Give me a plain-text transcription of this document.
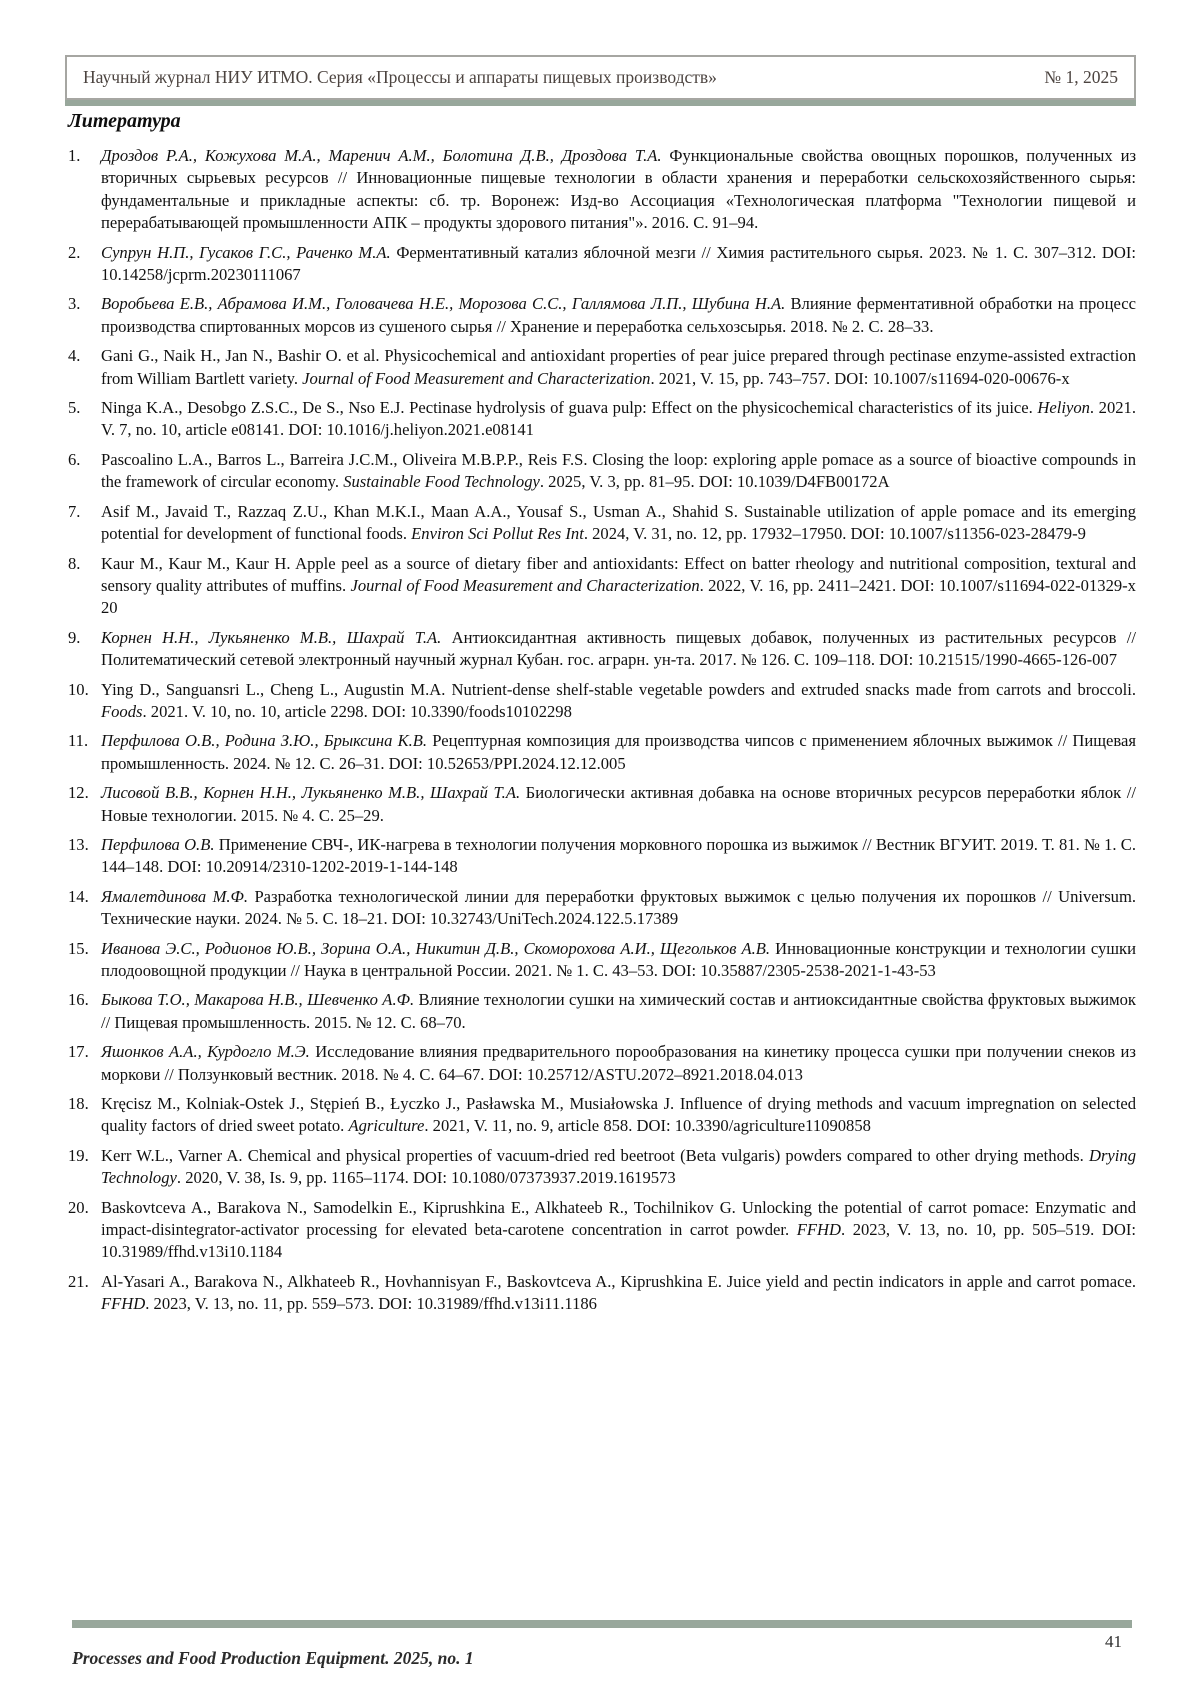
Научный журнал НИУ ИТМО. Серия «Процессы и аппараты пищевых производств»	№ 1, 2025
Литература
1.	Дроздов Р.А., Кожухова М.А., Маренич А.М., Болотина Д.В., Дроздова Т.А. Функциональные свойства овощных порошков, полученных из вторичных сырьевых ресурсов // Инновационные пищевые технологии в области хранения и переработки сельскохозяйственного сырья: фундаментальные и прикладные аспекты: сб. тр. Воронеж: Изд-во Ассоциация «Технологическая платформа "Технологии пищевой и перерабатывающей промышленности АПК – продукты здорового питания"». 2016. С. 91–94.
2.	Супрун Н.П., Гусаков Г.С., Раченко М.А. Ферментативный катализ яблочной мезги // Химия растительного сырья. 2023. № 1. С. 307–312. DOI: 10.14258/jcprm.20230111067
3.	Воробьева Е.В., Абрамова И.М., Головачева Н.Е., Морозова С.С., Галлямова Л.П., Шубина Н.А. Влияние ферментативной обработки на процесс производства спиртованных морсов из сушеного сырья // Хранение и переработка сельхозсырья. 2018. № 2. С. 28–33.
4.	Gani G., Naik H., Jan N., Bashir O. et al. Physicochemical and antioxidant properties of pear juice prepared through pectinase enzyme-assisted extraction from William Bartlett variety. Journal of Food Measurement and Characterization. 2021, V. 15, pp. 743–757. DOI: 10.1007/s11694-020-00676-x
5.	Ninga K.A., Desobgo Z.S.C., De S., Nso E.J. Pectinase hydrolysis of guava pulp: Effect on the physicochemical characteristics of its juice. Heliyon. 2021. V. 7, no. 10, article e08141. DOI: 10.1016/j.heliyon.2021.e08141
6.	Pascoalino L.A., Barros L., Barreira J.C.M., Oliveira M.B.P.P., Reis F.S. Closing the loop: exploring apple pomace as a source of bioactive compounds in the framework of circular economy. Sustainable Food Technology. 2025, V. 3, pp. 81–95. DOI: 10.1039/D4FB00172A
7.	Asif M., Javaid T., Razzaq Z.U., Khan M.K.I., Maan A.A., Yousaf S., Usman A., Shahid S. Sustainable utilization of apple pomace and its emerging potential for development of functional foods. Environ Sci Pollut Res Int. 2024, V. 31, no. 12, pp. 17932–17950. DOI: 10.1007/s11356-023-28479-9
8.	Kaur M., Kaur M., Kaur H. Apple peel as a source of dietary fiber and antioxidants: Effect on batter rheology and nutritional composition, textural and sensory quality attributes of muffins. Journal of Food Measurement and Characterization. 2022, V. 16, pp. 2411–2421. DOI: 10.1007/s11694-022-01329-x 20
9.	Корнен Н.Н., Лукьяненко М.В., Шахрай Т.А. Антиоксидантная активность пищевых добавок, полученных из растительных ресурсов // Политематический сетевой электронный научный журнал Кубан. гос. аграрн. ун-та. 2017. № 126. С. 109–118. DOI: 10.21515/1990-4665-126-007
10. Ying D., Sanguansri L., Cheng L., Augustin M.A. Nutrient-dense shelf-stable vegetable powders and extruded snacks made from carrots and broccoli. Foods. 2021. V. 10, no. 10, article 2298. DOI: 10.3390/foods10102298
11. Перфилова О.В., Родина З.Ю., Брыксина К.В. Рецептурная композиция для производства чипсов с применением яблочных выжимок // Пищевая промышленность. 2024. № 12. С. 26–31. DOI: 10.52653/PPI.2024.12.12.005
12. Лисовой В.В., Корнен Н.Н., Лукьяненко М.В., Шахрай Т.А. Биологически активная добавка на основе вторичных ресурсов переработки яблок // Новые технологии. 2015. № 4. С. 25–29.
13. Перфилова О.В. Применение СВЧ-, ИК-нагрева в технологии получения морковного порошка из выжимок // Вестник ВГУИТ. 2019. Т. 81. № 1. С. 144–148. DOI: 10.20914/2310-1202-2019-1-144-148
14. Ямалетдинова М.Ф. Разработка технологической линии для переработки фруктовых выжимок с целью получения их порошков // Universum. Технические науки. 2024. № 5. С. 18–21. DOI: 10.32743/UniTech.2024.122.5.17389
15. Иванова Э.С., Родионов Ю.В., Зорина О.А., Никитин Д.В., Скоморохова А.И., Щегольков А.В. Инновационные конструкции и технологии сушки плодоовощной продукции // Наука в центральной России. 2021. № 1. С. 43–53. DOI: 10.35887/2305-2538-2021-1-43-53
16. Быкова Т.О., Макарова Н.В., Шевченко А.Ф. Влияние технологии сушки на химический состав и антиоксидантные свойства фруктовых выжимок // Пищевая промышленность. 2015. № 12. С. 68–70.
17. Яшонков А.А., Курдогло М.Э. Исследование влияния предварительного порообразования на кинетику процесса сушки при получении снеков из моркови // Ползунковый вестник. 2018. № 4. С. 64–67. DOI: 10.25712/ASTU.2072–8921.2018.04.013
18. Kręcisz M., Kolniak-Ostek J., Stępień B., Łyczko J., Pasławska M., Musiałowska J. Influence of drying methods and vacuum impregnation on selected quality factors of dried sweet potato. Agriculture. 2021, V. 11, no. 9, article 858. DOI: 10.3390/agriculture11090858
19. Kerr W.L., Varner A. Chemical and physical properties of vacuum-dried red beetroot (Beta vulgaris) powders compared to other drying methods. Drying Technology. 2020, V. 38, Is. 9, pp. 1165–1174. DOI: 10.1080/07373937.2019.1619573
20. Baskovtceva A., Barakova N., Samodelkin E., Kiprushkina E., Alkhateeb R., Tochilnikov G. Unlocking the potential of carrot pomace: Enzymatic and impact-disintegrator-activator processing for elevated beta-carotene concentration in carrot powder. FFHD. 2023, V. 13, no. 10, pp. 505–519. DOI: 10.31989/ffhd.v13i10.1184
21. Al-Yasari A., Barakova N., Alkhateeb R., Hovhannisyan F., Baskovtceva A., Kiprushkina E. Juice yield and pectin indicators in apple and carrot pomace. FFHD. 2023, V. 13, no. 11, pp. 559–573. DOI: 10.31989/ffhd.v13i11.1186
41
Processes and Food Production Equipment. 2025, no. 1
